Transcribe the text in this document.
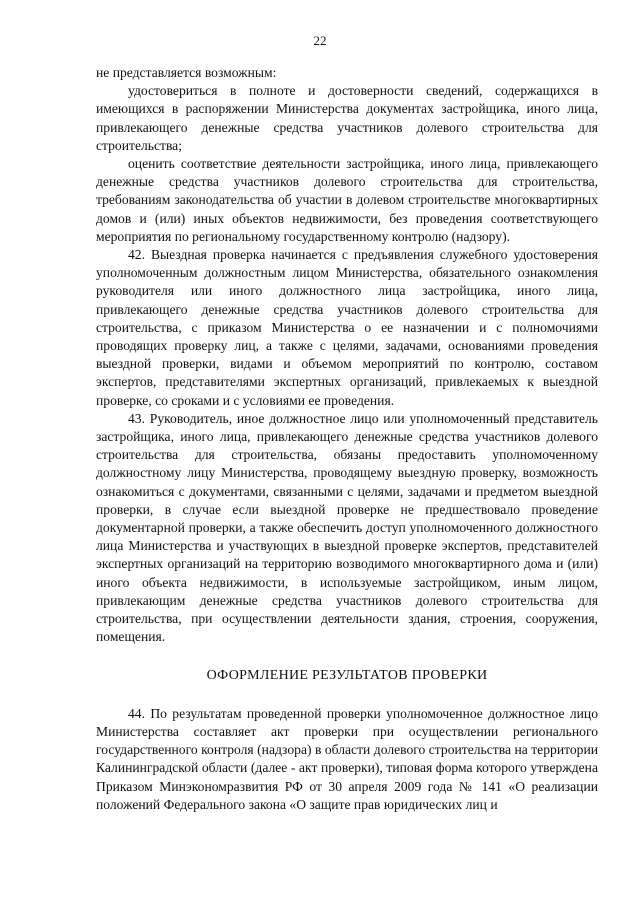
22

не представляется возможным:

удостовериться в полноте и достоверности сведений, содержащихся в имеющихся в распоряжении Министерства документах застройщика, иного лица, привлекающего денежные средства участников долевого строительства для строительства;

оценить соответствие деятельности застройщика, иного лица, привлекающего денежные средства участников долевого строительства для строительства, требованиям законодательства об участии в долевом строительстве многоквартирных домов и (или) иных объектов недвижимости, без проведения соответствующего мероприятия по региональному государственному контролю (надзору).

42. Выездная проверка начинается с предъявления служебного удостоверения уполномоченным должностным лицом Министерства, обязательного ознакомления руководителя или иного должностного лица застройщика, иного лица, привлекающего денежные средства участников долевого строительства для строительства, с приказом Министерства о ее назначении и с полномочиями проводящих проверку лиц, а также с целями, задачами, основаниями проведения выездной проверки, видами и объемом мероприятий по контролю, составом экспертов, представителями экспертных организаций, привлекаемых к выездной проверке, со сроками и с условиями ее проведения.

43. Руководитель, иное должностное лицо или уполномоченный представитель застройщика, иного лица, привлекающего денежные средства участников долевого строительства для строительства, обязаны предоставить уполномоченному должностному лицу Министерства, проводящему выездную проверку, возможность ознакомиться с документами, связанными с целями, задачами и предметом выездной проверки, в случае если выездной проверке не предшествовало проведение документарной проверки, а также обеспечить доступ уполномоченного должностного лица Министерства и участвующих в выездной проверке экспертов, представителей экспертных организаций на территорию возводимого многоквартирного дома и (или) иного объекта недвижимости, в используемые застройщиком, иным лицом, привлекающим денежные средства участников долевого строительства для строительства, при осуществлении деятельности здания, строения, сооружения, помещения.

ОФОРМЛЕНИЕ РЕЗУЛЬТАТОВ ПРОВЕРКИ

44. По результатам проведенной проверки уполномоченное должностное лицо Министерства составляет акт проверки при осуществлении регионального государственного контроля (надзора) в области долевого строительства на территории Калининградской области (далее - акт проверки), типовая форма которого утверждена Приказом Минэкономразвития РФ от 30 апреля 2009 года № 141 «О реализации положений Федерального закона «О защите прав юридических лиц и
